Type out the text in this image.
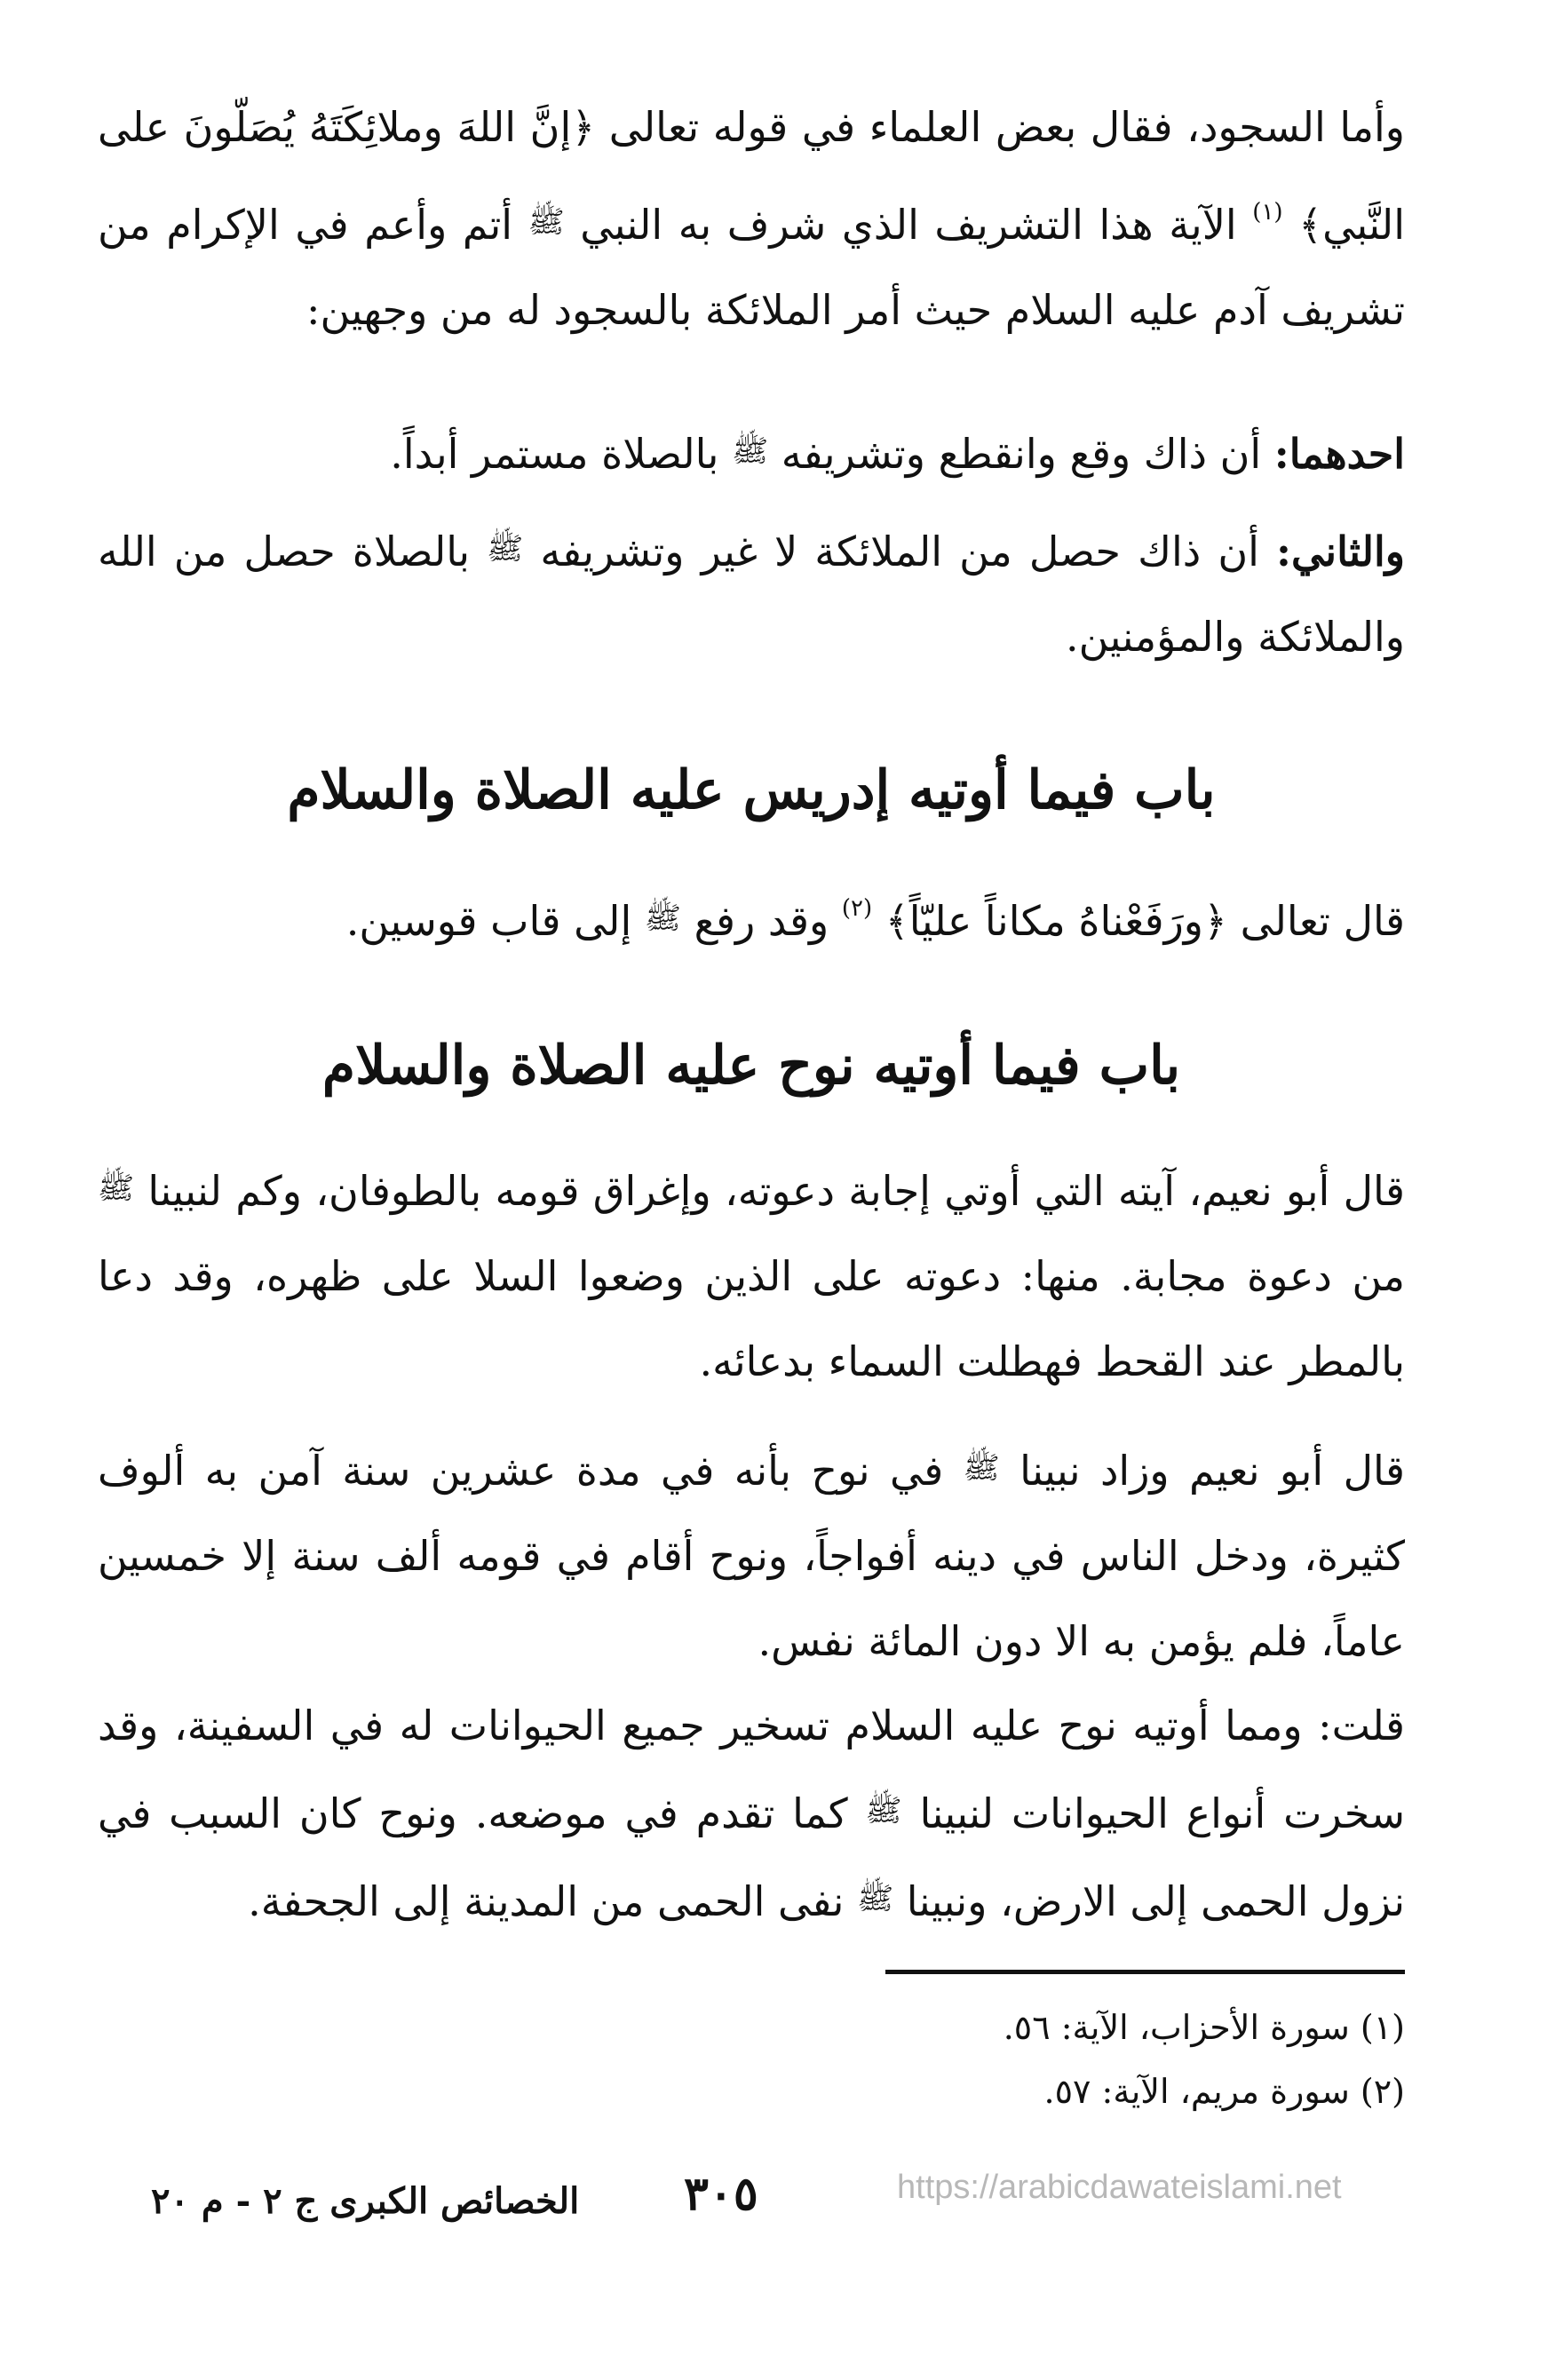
وأما السجود، فقال بعض العلماء في قوله تعالى ﴿إنَّ اللهَ وملائِكَتَهُ يُصَلّونَ على النَّبي﴾ $^{(١)}$ الآية هذا التشريف الذي شرف به النبي ﷺ أتم وأعم في الإكرام من تشريف آدم عليه السلام حيث أمر الملائكة بالسجود له من وجهين:

احدهما: أن ذاك وقع وانقطع وتشريفه ﷺ بالصلاة مستمر أبداً.

والثاني: أن ذاك حصل من الملائكة لا غير وتشريفه ﷺ بالصلاة حصل من الله والملائكة والمؤمنين.

باب فيما أوتيه إدريس عليه الصلاة والسلام

قال تعالى ﴿ورَفَعْناهُ مكاناً عليّاً﴾ $^{(٢)}$ وقد رفع ﷺ إلى قاب قوسين.

باب فيما أوتيه نوح عليه الصلاة والسلام

قال أبو نعيم، آيته التي أوتي إجابة دعوته، وإغراق قومه بالطوفان، وكم لنبينا ﷺ من دعوة مجابة. منها: دعوته على الذين وضعوا السلا على ظهره، وقد دعا بالمطر عند القحط فهطلت السماء بدعائه.

قال أبو نعيم وزاد نبينا ﷺ في نوح بأنه في مدة عشرين سنة آمن به ألوف كثيرة، ودخل الناس في دينه أفواجاً، ونوح أقام في قومه ألف سنة إلا خمسين عاماً، فلم يؤمن به الا دون المائة نفس.

قلت: ومما أوتيه نوح عليه السلام تسخير جميع الحيوانات له في السفينة، وقد سخرت أنواع الحيوانات لنبينا ﷺ كما تقدم في موضعه. ونوح كان السبب في نزول الحمى إلى الارض، ونبينا ﷺ نفى الحمى من المدينة إلى الجحفة.

(١) سورة الأحزاب، الآية: ٥٦.

(٢) سورة مريم، الآية: ٥٧.

٣٠٥
الخصائص الكبرى ج ٢ - م ٢٠	https://arabicdawateislami.net
